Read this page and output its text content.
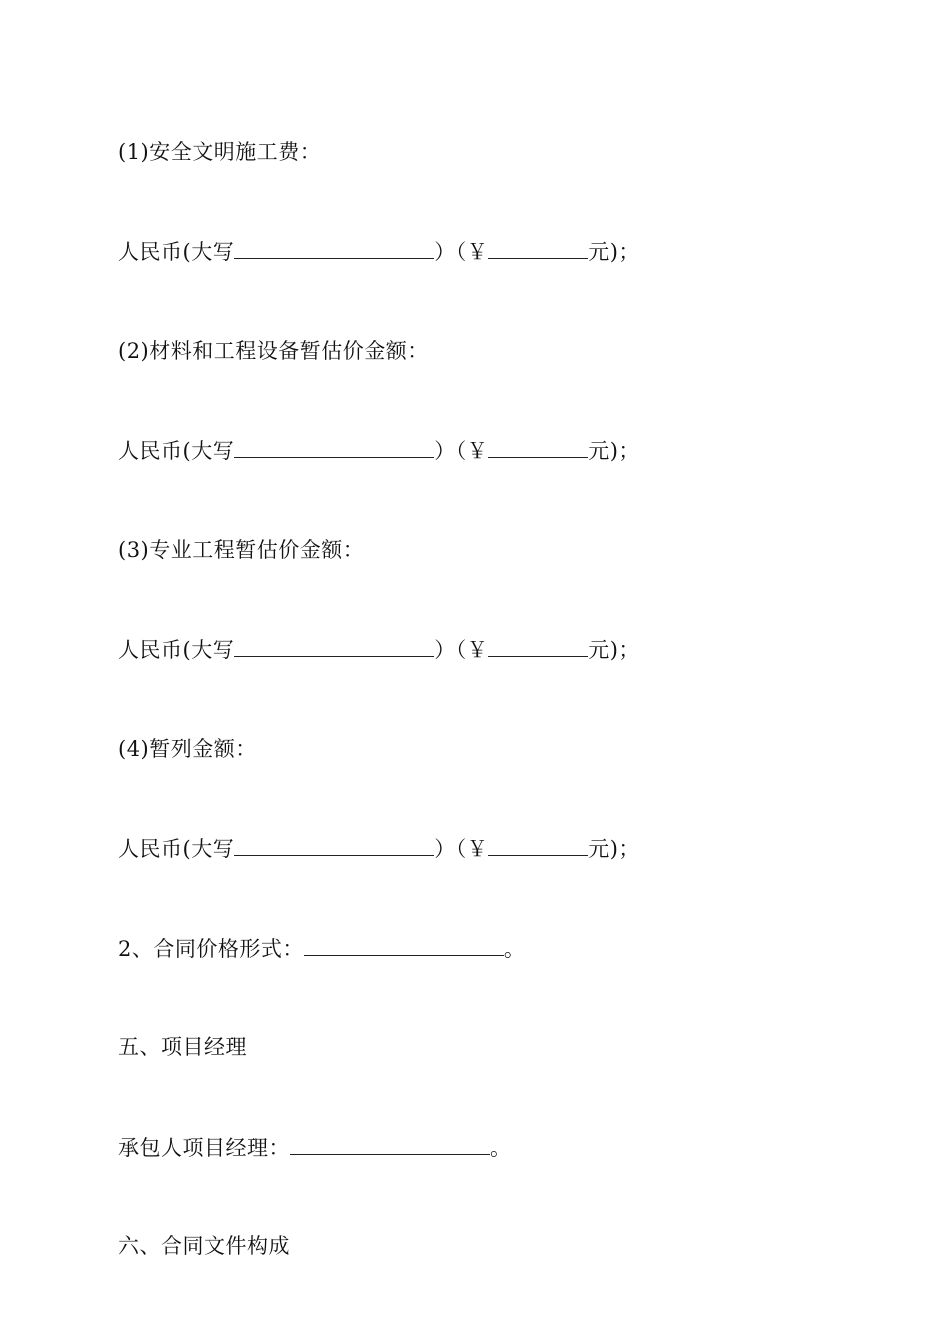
(1)安全文明施工费：
人民币(大写	）（￥	元)；
(2)材料和工程设备暂估价金额：
人民币(大写	）（￥	元)；
(3)专业工程暂估价金额：
人民币(大写	）（￥	元)；
(4)暂列金额：
人民币(大写	）（￥	元)；
2、合同价格形式：	。
五、项目经理
承包人项目经理：	。
六、合同文件构成
